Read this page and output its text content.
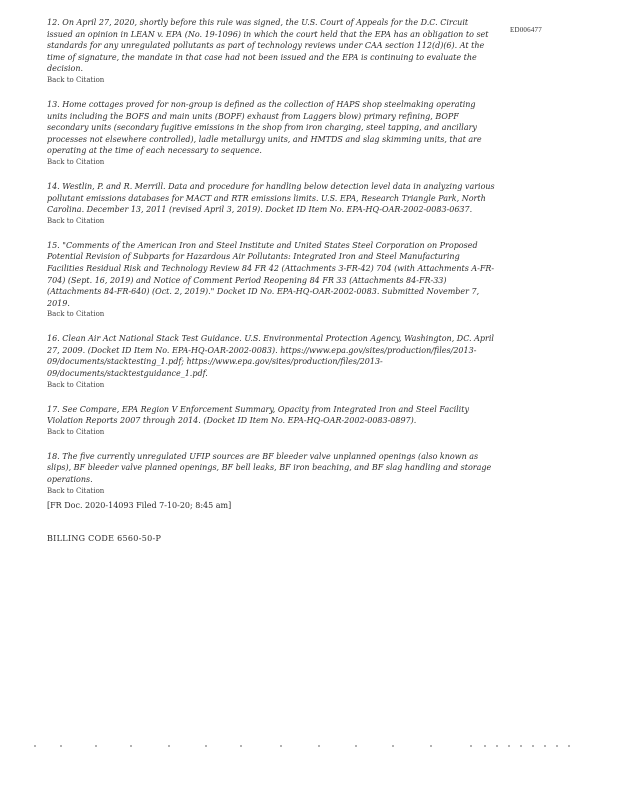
ED006477

12. On April 27, 2020, shortly before this rule was signed, the U.S. Court of Appeals for the D.C. Circuit issued an opinion in LEAN v. EPA (No. 19-1096) in which the court held that the EPA has an obligation to set standards for any unregulated pollutants as part of technology reviews under CAA section 112(d)(6). At the time of signature, the mandate in that case had not been issued and the EPA is continuing to evaluate the decision.

Back to Citation

13. Home cottages proved for non-group is defined as the collection of HAPS shop steelmaking operating units including the BOFS and main units (BOPF) exhaust from Laggers blow) primary refining, BOPF secondary units (secondary fugitive emissions in the shop from iron charging, steel tapping, and ancillary processes not elsewhere controlled), ladle metallurgy units, and HMTDS and slag skimming units, that are operating at the time of each necessary to sequence.

Back to Citation

14. Westlin, P. and R. Merrill. Data and procedure for handling below detection level data in analyzing various pollutant emissions databases for MACT and RTR emissions limits. U.S. EPA, Research Triangle Park, North Carolina. December 13, 2011 (revised April 3, 2019). Docket ID Item No. EPA-HQ-OAR-2002-0083-0637.

Back to Citation

15. "Comments of the American Iron and Steel Institute and United States Steel Corporation on Proposed Potential Revision of Subparts for Hazardous Air Pollutants: Integrated Iron and Steel Manufacturing Facilities Residual Risk and Technology Review 84 FR 42 (Attachments 3-FR-42) 704 (with Attachments A-FR-704) (Sept. 16, 2019) and Notice of Comment Period Reopening 84 FR 33 (Attachments 84-FR-33)(Attachments 84-FR-640) (Oct. 2, 2019)." Docket ID No. EPA-HQ-OAR-2002-0083. Submitted November 7, 2019.

Back to Citation

16. Clean Air Act National Stack Test Guidance. U.S. Environmental Protection Agency, Washington, DC. April 27, 2009. (Docket ID Item No. EPA-HQ-OAR-2002-0083). https://www.epa.gov/sites/production/files/2013-09/documents/stacktesting_1.pdf; https://www.epa.gov/sites/production/files/2013-09/documents/stacktestguidance_1.pdf.

Back to Citation

17. See Compare, EPA Region V Enforcement Summary, Opacity from Integrated Iron and Steel Facility Violation Reports 2007 through 2014. (Docket ID Item No. EPA-HQ-OAR-2002-0083-0897).

Back to Citation

18. The five currently unregulated UFIP sources are BF bleeder valve unplanned openings (also known as slips), BF bleeder valve planned openings, BF bell leaks, BF iron beaching, and BF slag handling and storage operations.

Back to Citation

[FR Doc. 2020-14093 Filed 7-10-20; 8:45 am]

BILLING CODE 6560-50-P
